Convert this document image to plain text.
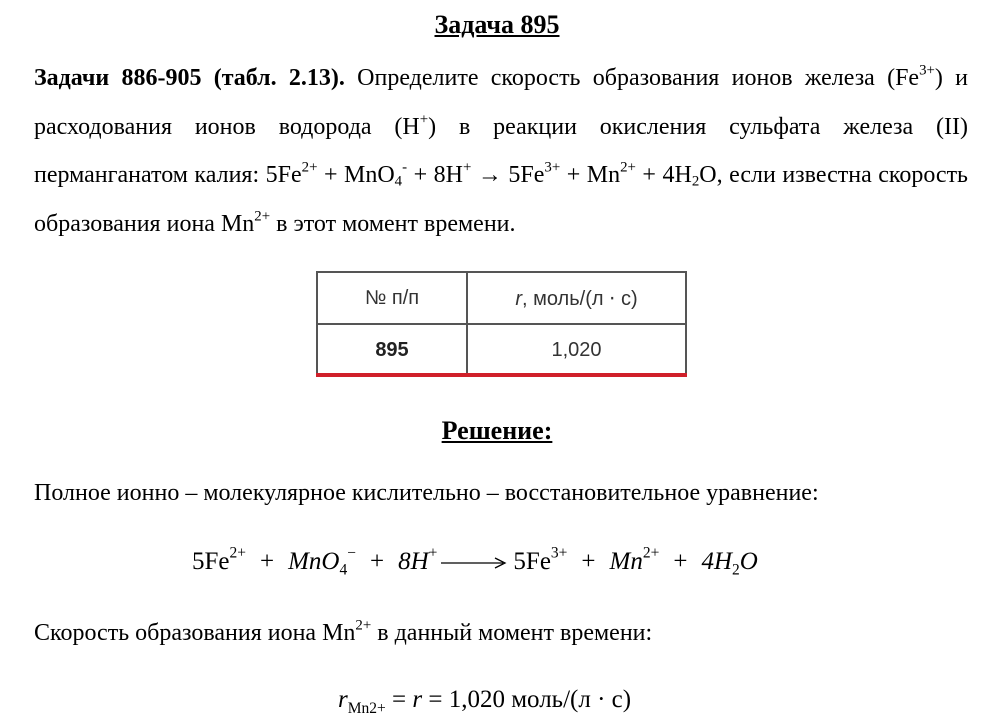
Задача 895
Задачи 886-905 (табл. 2.13). Определите скорость образования ионов железа $(Fe^{3+})$ и расходования ионов водорода (H+) в реакции окисления сульфата железа (II) перманганатом калия: $5Fe^{2+} + MnO_4^- + 8H^+ \to 5Fe^{3+} + Mn^{2+} + 4H_2O$, если известна скорость образования иона $Mn^{2+}$ в этот момент времени.
№ п/п	r, моль/(л ⋅ с)
895	1,020
Решение:
Полное ионно – молекулярное кислительно – восстановительное уравнение:
$5Fe^{2+} + MnO_4^- + 8H^+ \to 5Fe^{3+} + Mn^{2+} + 4H_2O$
Скорость образования иона $Mn^{2+}$ в данный момент времени:
$r_{Mn2+} = r = 1,020$ моль/(л · с)
